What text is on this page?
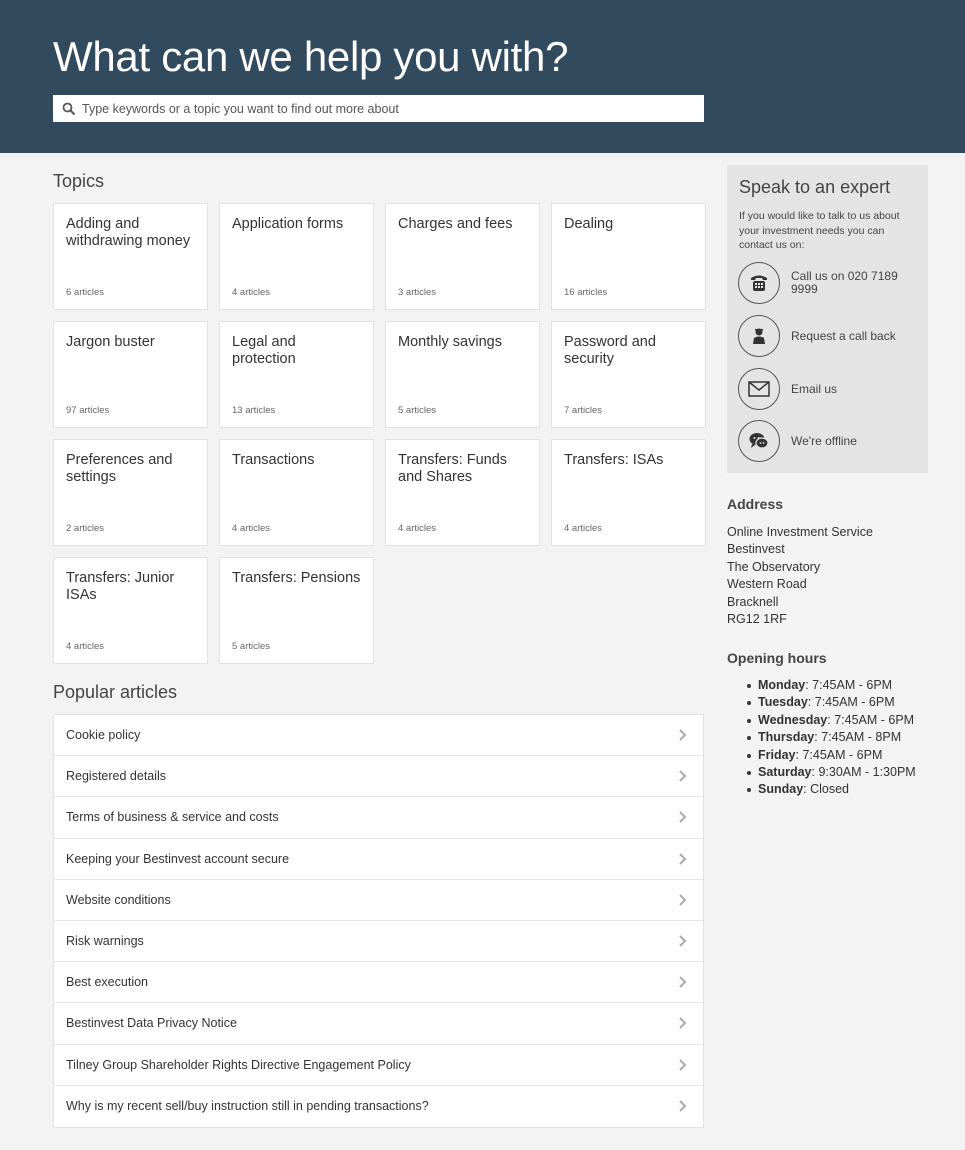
What can we help you with?
Type keywords or a topic you want to find out more about
Topics
Adding and withdrawing money
6 articles
Application forms
4 articles
Charges and fees
3 articles
Dealing
16 articles
Jargon buster
97 articles
Legal and protection
13 articles
Monthly savings
5 articles
Password and security
7 articles
Preferences and settings
2 articles
Transactions
4 articles
Transfers: Funds and Shares
4 articles
Transfers: ISAs
4 articles
Transfers: Junior ISAs
4 articles
Transfers: Pensions
5 articles
Popular articles
Cookie policy
Registered details
Terms of business & service and costs
Keeping your Bestinvest account secure
Website conditions
Risk warnings
Best execution
Bestinvest Data Privacy Notice
Tilney Group Shareholder Rights Directive Engagement Policy
Why is my recent sell/buy instruction still in pending transactions?
Speak to an expert

If you would like to talk to us about your investment needs you can contact us on:

Call us on 020 7189 9999
Request a call back
Email us
We're offline
Address
Online Investment Service
Bestinvest
The Observatory
Western Road
Bracknell
RG12 1RF
Opening hours
Monday: 7:45AM - 6PM
Tuesday: 7:45AM - 6PM
Wednesday: 7:45AM - 6PM
Thursday: 7:45AM - 8PM
Friday: 7:45AM - 6PM
Saturday: 9:30AM - 1:30PM
Sunday: Closed
